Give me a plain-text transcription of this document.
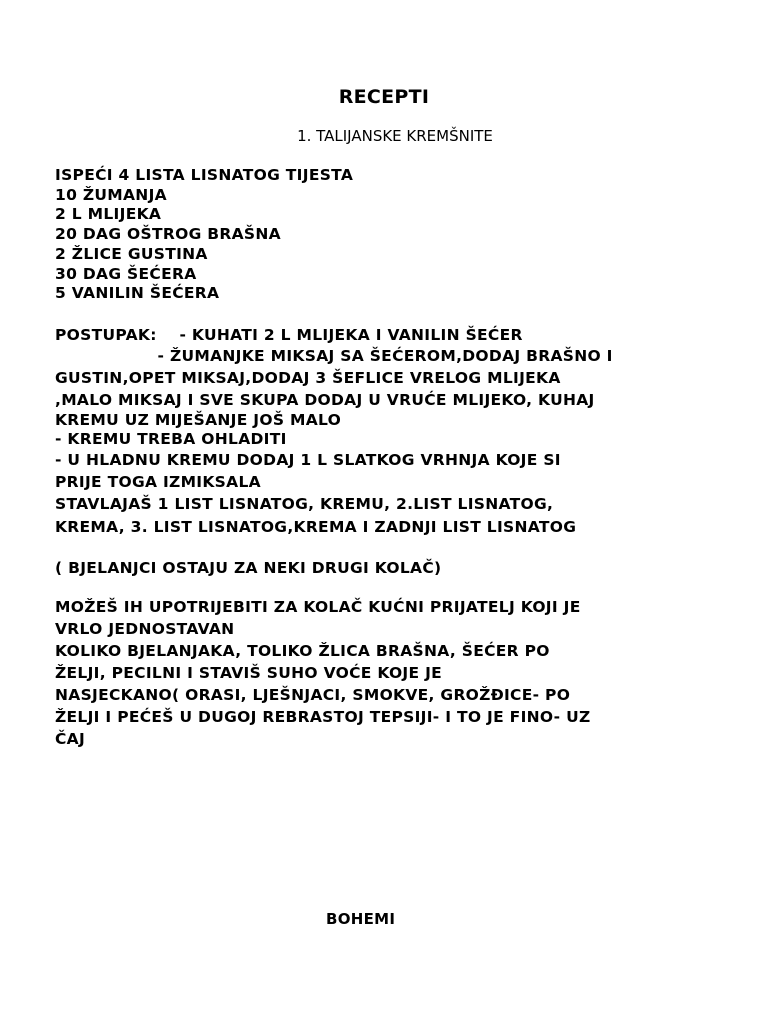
RECEPTI
1. TALIJANSKE KREMŠNITE
ISPEĆI 4 LISTA LISNATOG TIJESTA
10 ŽUMANJA
2 L MLIJEKA
20 DAG OŠTROG BRAŠNA
2 ŽLICE GUSTINA
30 DAG ŠEĆERA
5 VANILIN ŠEĆERA
POSTUPAK:    - KUHATI 2 L MLIJEKA I VANILIN ŠEĆER
- ŽUMANJKE MIKSAJ SA ŠEĆEROM,DODAJ BRAŠNO I
GUSTIN,OPET MIKSAJ,DODAJ 3 ŠEFLICE VRELOG MLIJEKA
,MALO MIKSAJ I SVE SKUPA DODAJ U VRUĆE MLIJEKO, KUHAJ
KREMU UZ MIJEŠANJE JOŠ MALO
- KREMU TREBA OHLADITI
- U HLADNU KREMU DODAJ 1 L SLATKOG VRHNJA KOJE SI
PRIJE TOGA IZMIKSALA
STAVLAJAŠ 1 LIST LISNATOG, KREMU, 2.LIST LISNATOG,
KREMA, 3. LIST LISNATOG,KREMA I ZADNJI LIST LISNATOG
( BJELANJCI OSTAJU ZA NEKI DRUGI KOLAČ)
MOŽEŠ IH UPOTRIJEBITI ZA KOLAČ KUĆNI PRIJATELJ KOJI JE
VRLO JEDNOSTAVAN
KOLIKO BJELANJAKA, TOLIKO ŽLICA BRAŠNA, ŠEĆER PO
ŽELJI, PECILNI I STAVIŠ SUHO VOĆE KOJE JE
NASJECKANO( ORASI, LJEŠNJACI, SMOKVE, GROŽĐICE- PO
ŽELJI I PEĆEŠ U DUGOJ REBRASTOJ TEPSIJI- I TO JE FINO- UZ
ČAJ
BOHEMI
